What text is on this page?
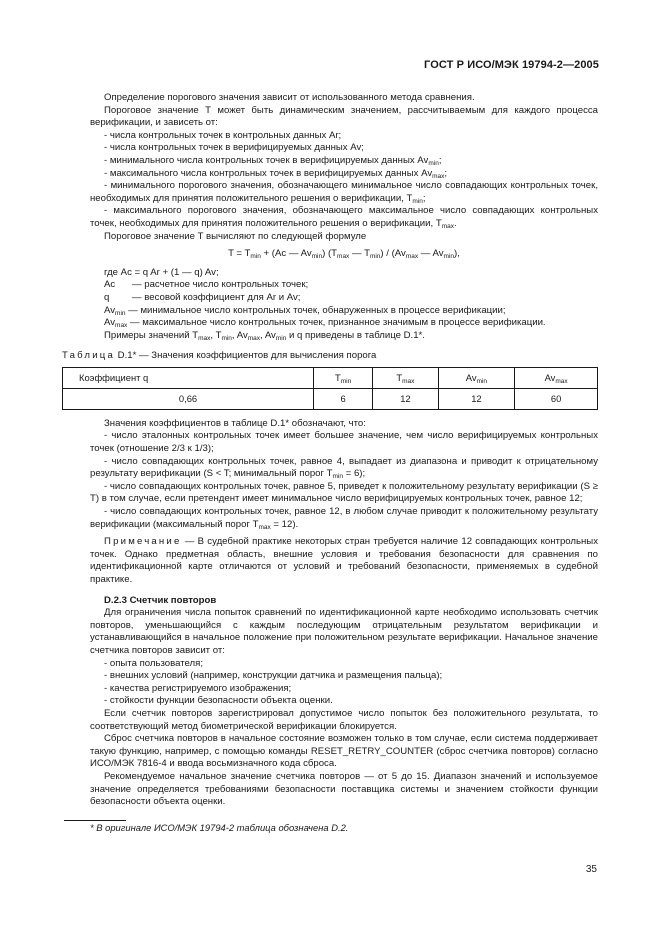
ГОСТ Р ИСО/МЭК 19794-2—2005

Определение порогового значения зависит от использованного метода сравнения.

Пороговое значение Т может быть динамическим значением, рассчитываемым для каждого процесса верификации, и зависеть от:

- числа контрольных точек в контрольных данных Ar;

- числа контрольных точек в верифицируемых данных Av;

- минимального числа контрольных точек в верифицируемых данных $Av_{min}$;

- максимального числа контрольных точек в верифицируемых данных $Av_{max}$;

- минимального порогового значения, обозначающего минимальное число совпадающих контрольных точек, необходимых для принятия положительного решения о верификации, $T_{min}$;

- максимального порогового значения, обозначающего максимальное число совпадающих контрольных точек, необходимых для принятия положительного решения о верификации, $T_{max}$.

Пороговое значение T вычисляют по следующей формуле

$T = T_{min} + (Ac$ — $Av_{min}$) ($T_{max}$ — $T_{min}) / (Av_{max}$ — $Av_{min}$),

где Ac = q Ar + (1 — q) Av;

Ac	— расчетное число контрольных точек;
q	— весовой коэффициент для Ar и Av;

$Av_{min}$ — минимальное число контрольных точек, обнаруженных в процессе верификации;

$Av_{max}$ — максимальное число контрольных точек, признанное значимым в процессе верификации.

Примеры значений $T_{max}$, $T_{min}$, $Av_{max}$, $Av_{min}$ и q приведены в таблице D.1*.

Таблица D.1* — Значения коэффициентов для вычисления порога

Коэффициент q	$T_{min}$	$T_{max}$	$Av_{min}$	$Av_{max}$
0,66	6	12	12	60

Значения коэффициентов в таблице D.1* обозначают, что:

- число эталонных контрольных точек имеет большее значение, чем число верифицируемых контрольных точек (отношение 2/3 к 1/3);

- число совпадающих контрольных точек, равное 4, выпадает из диапазона и приводит к отрицательному результату верификации (S < T; минимальный порог $T_{min} = 6$);

- число совпадающих контрольных точек, равное 5, приведет к положительному результату верификации (S ≥ T) в том случае, если претендент имеет минимальное число верифицируемых контрольных точек, равное 12;

- число совпадающих контрольных точек, равное 12, в любом случае приводит к положительному результату верификации (максимальный порог $T_{max} = 12$).

Примечание — В судебной практике некоторых стран требуется наличие 12 совпадающих контрольных точек. Однако предметная область, внешние условия и требования безопасности для сравнения по идентификационной карте отличаются от условий и требований безопасности, применяемых в судебной практике.

D.2.3 Счетчик повторов

Для ограничения числа попыток сравнений по идентификационной карте необходимо использовать счетчик повторов, уменьшающийся с каждым последующим отрицательным результатом верификации и устанавливающийся в начальное положение при положительном результате верификации. Начальное значение счетчика повторов зависит от:

- опыта пользователя;

- внешних условий (например, конструкции датчика и размещения пальца);

- качества регистрируемого изображения;

- стойкости функции безопасности объекта оценки.

Если счетчик повторов зарегистрировал допустимое число попыток без положительного результата, то соответствующий метод биометрической верификации блокируется.

Сброс счетчика повторов в начальное состояние возможен только в том случае, если система поддерживает такую функцию, например, с помощью команды RESET_RETRY_COUNTER (сброс счетчика повторов) согласно ИСО/МЭК 7816-4 и ввода восьмизначного кода сброса.

Рекомендуемое начальное значение счетчика повторов — от 5 до 15. Диапазон значений и используемое значение определяется требованиями безопасности поставщика системы и значением стойкости функции безопасности объекта оценки.

* В оригинале ИСО/МЭК 19794-2 таблица обозначена D.2.
35
